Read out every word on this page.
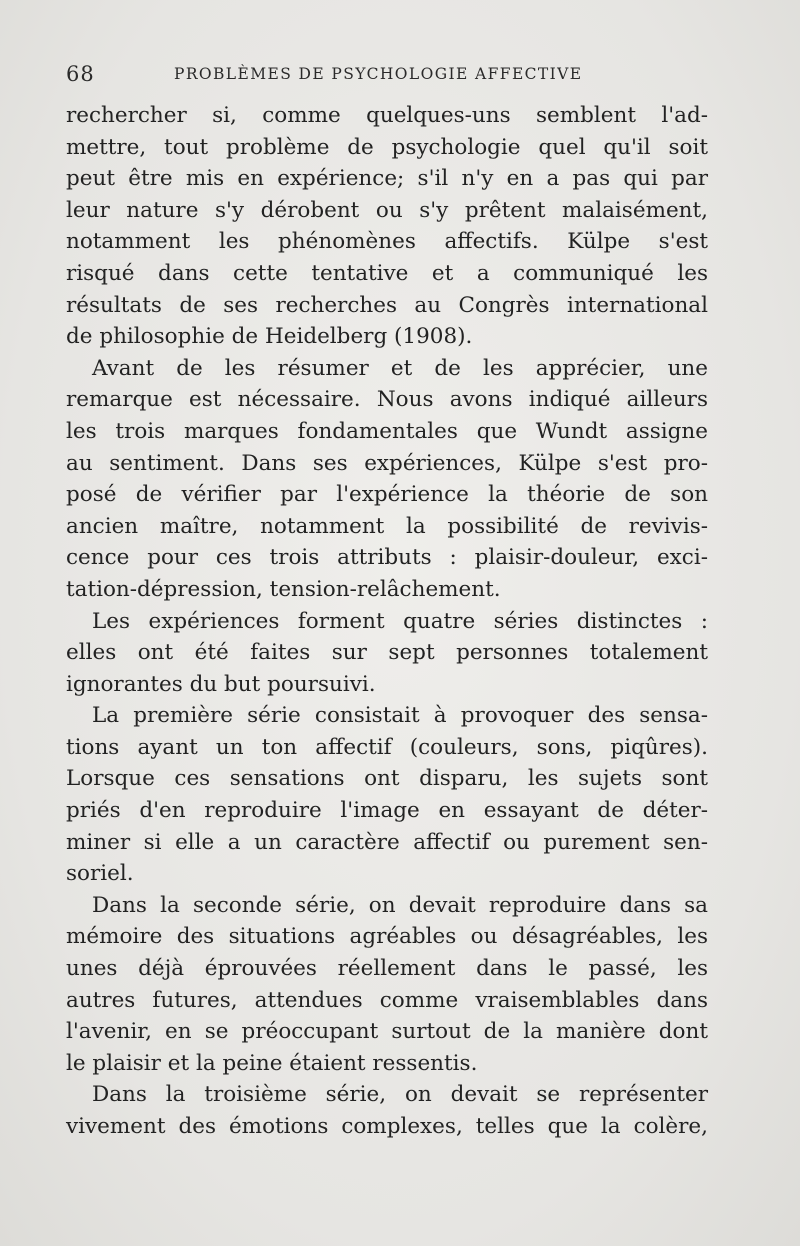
68	PROBLÈMES DE PSYCHOLOGIE AFFECTIVE
rechercher si, comme quelques-uns semblent l'ad-
mettre, tout problème de psychologie quel qu'il soit
peut être mis en expérience; s'il n'y en a pas qui par
leur nature s'y dérobent ou s'y prêtent malaisément,
notamment les phénomènes affectifs. Külpe s'est
risqué dans cette tentative et a communiqué les
résultats de ses recherches au Congrès international
de philosophie de Heidelberg (1908).
Avant de les résumer et de les apprécier, une
remarque est nécessaire. Nous avons indiqué ailleurs
les trois marques fondamentales que Wundt assigne
au sentiment. Dans ses expériences, Külpe s'est pro-
posé de vérifier par l'expérience la théorie de son
ancien maître, notamment la possibilité de revivis-
cence pour ces trois attributs : plaisir-douleur, exci-
tation-dépression, tension-relâchement.
Les expériences forment quatre séries distinctes :
elles ont été faites sur sept personnes totalement
ignorantes du but poursuivi.
La première série consistait à provoquer des sensa-
tions ayant un ton affectif (couleurs, sons, piqûres).
Lorsque ces sensations ont disparu, les sujets sont
priés d'en reproduire l'image en essayant de déter-
miner si elle a un caractère affectif ou purement sen-
soriel.
Dans la seconde série, on devait reproduire dans sa
mémoire des situations agréables ou désagréables, les
unes déjà éprouvées réellement dans le passé, les
autres futures, attendues comme vraisemblables dans
l'avenir, en se préoccupant surtout de la manière dont
le plaisir et la peine étaient ressentis.
Dans la troisième série, on devait se représenter
vivement des émotions complexes, telles que la colère,
